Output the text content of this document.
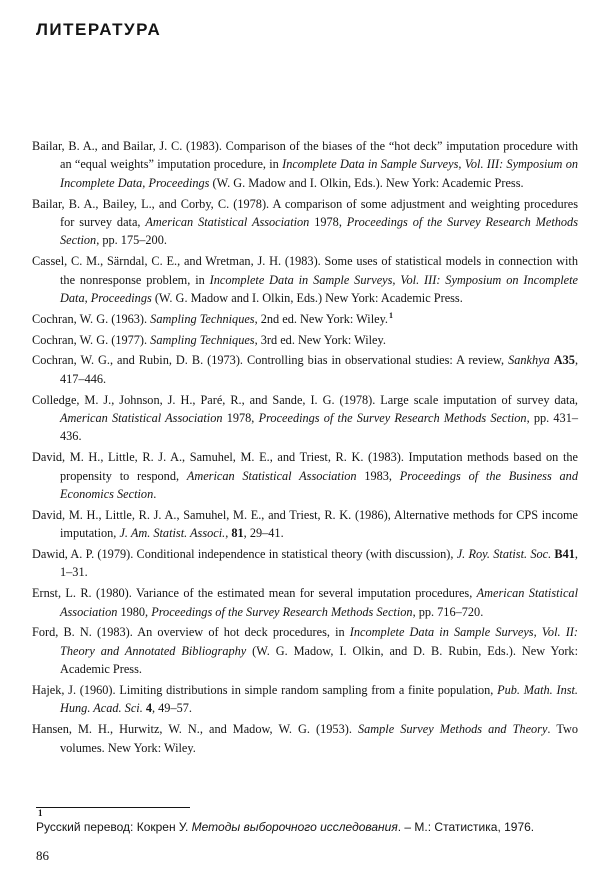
ЛИТЕРАТУРА
Bailar, B. A., and Bailar, J. C. (1983). Comparison of the biases of the “hot deck” imputation procedure with an “equal weights” imputation procedure, in Incomplete Data in Sample Surveys, Vol. III: Symposium on Incomplete Data, Proceedings (W. G. Madow and I. Olkin, Eds.). New York: Academic Press.
Bailar, B. A., Bailey, L., and Corby, C. (1978). A comparison of some adjustment and weighting procedures for survey data, American Statistical Association 1978, Proceedings of the Survey Research Methods Section, pp. 175–200.
Cassel, C. M., Särndal, C. E., and Wretman, J. H. (1983). Some uses of statistical models in connection with the nonresponse problem, in Incomplete Data in Sample Surveys, Vol. III: Symposium on Incomplete Data, Proceedings (W. G. Madow and I. Olkin, Eds.) New York: Academic Press.
Cochran, W. G. (1963). Sampling Techniques, 2nd ed. New York: Wiley.$^1$
Cochran, W. G. (1977). Sampling Techniques, 3rd ed. New York: Wiley.
Cochran, W. G., and Rubin, D. B. (1973). Controlling bias in observational studies: A review, Sankhya A35, 417–446.
Colledge, M. J., Johnson, J. H., Paré, R., and Sande, I. G. (1978). Large scale imputation of survey data, American Statistical Association 1978, Proceedings of the Survey Research Methods Section, pp. 431–436.
David, M. H., Little, R. J. A., Samuhel, M. E., and Triest, R. K. (1983). Imputation methods based on the propensity to respond, American Statistical Association 1983, Proceedings of the Business and Economics Section.
David, M. H., Little, R. J. A., Samuhel, M. E., and Triest, R. K. (1986), Alternative methods for CPS income imputation, J. Am. Statist. Associ., 81, 29–41.
Dawid, A. P. (1979). Conditional independence in statistical theory (with discussion), J. Roy. Statist. Soc. B41, 1–31.
Ernst, L. R. (1980). Variance of the estimated mean for several imputation procedures, American Statistical Association 1980, Proceedings of the Survey Research Methods Section, pp. 716–720.
Ford, B. N. (1983). An overview of hot deck procedures, in Incomplete Data in Sample Surveys, Vol. II: Theory and Annotated Bibliography (W. G. Madow, I. Olkin, and D. B. Rubin, Eds.). New York: Academic Press.
Hajek, J. (1960). Limiting distributions in simple random sampling from a finite population, Pub. Math. Inst. Hung. Acad. Sci. 4, 49–57.
Hansen, M. H., Hurwitz, W. N., and Madow, W. G. (1953). Sample Survey Methods and Theory. Two volumes. New York: Wiley.
1
Русский перевод: Кокрен У. Методы выборочного исследования. – М.: Статистика, 1976.
86
